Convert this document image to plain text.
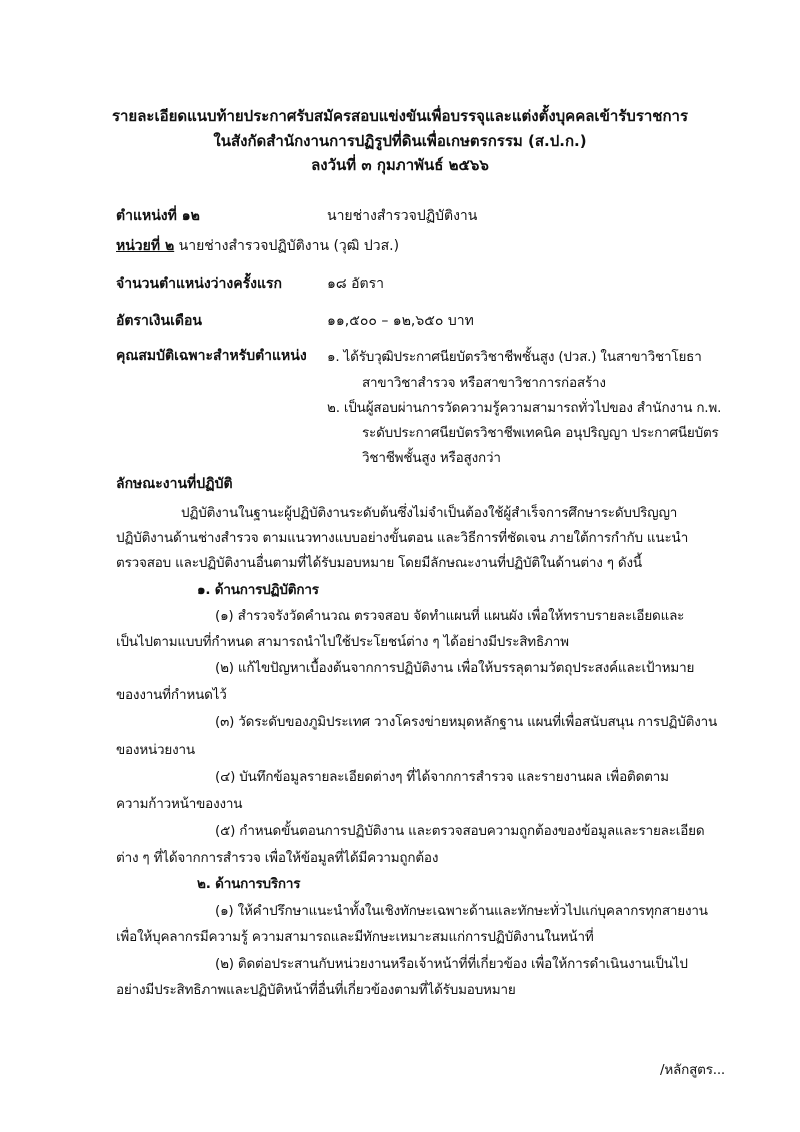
รายละเอียดแนบท้ายประกาศรับสมัครสอบแข่งขันเพื่อบรรจุและแต่งตั้งบุคคลเข้ารับราชการ
ในสังกัดสำนักงานการปฏิรูปที่ดินเพื่อเกษตรกรรม (ส.ป.ก.)
ลงวันที่ ๓ กุมภาพันธ์ ๒๕๖๖
ตำแหน่งที่ ๑๒	นายช่างสำรวจปฏิบัติงาน
หน่วยที่ ๒ นายช่างสำรวจปฏิบัติงาน (วุฒิ ปวส.)
จำนวนตำแหน่งว่างครั้งแรก	๑๘ อัตรา
อัตราเงินเดือน	๑๑,๕๐๐ – ๑๒,๖๕๐ บาท
คุณสมบัติเฉพาะสำหรับตำแหน่ง ๑. ได้รับวุฒิประกาศนียบัตรวิชาชีพชั้นสูง (ปวส.) ในสาขาวิชาโยธา
สาขาวิชาสำรวจ หรือสาขาวิชาการก่อสร้าง
๒. เป็นผู้สอบผ่านการวัดความรู้ความสามารถทั่วไปของ สำนักงาน ก.พ.
ระดับประกาศนียบัตรวิชาชีพเทคนิค อนุปริญญา ประกาศนียบัตร
วิชาชีพชั้นสูง หรือสูงกว่า
ลักษณะงานที่ปฏิบัติ
ปฏิบัติงานในฐานะผู้ปฏิบัติงานระดับต้นซึ่งไม่จำเป็นต้องใช้ผู้สำเร็จการศึกษาระดับปริญญา
ปฏิบัติงานด้านช่างสำรวจ ตามแนวทางแบบอย่างขั้นตอน และวิธีการที่ชัดเจน ภายใต้การกำกับ แนะนำ
ตรวจสอบ และปฏิบัติงานอื่นตามที่ได้รับมอบหมาย โดยมีลักษณะงานที่ปฏิบัติในด้านต่าง ๆ ดังนี้
๑. ด้านการปฏิบัติการ
(๑) สำรวจรังวัดคำนวณ ตรวจสอบ จัดทำแผนที่ แผนผัง เพื่อให้ทราบรายละเอียดและ
เป็นไปตามแบบที่กำหนด สามารถนำไปใช้ประโยชน์ต่าง ๆ ได้อย่างมีประสิทธิภาพ
(๒) แก้ไขปัญหาเบื้องต้นจากการปฏิบัติงาน เพื่อให้บรรลุตามวัตถุประสงค์และเป้าหมาย
ของงานที่กำหนดไว้
(๓) วัดระดับของภูมิประเทศ วางโครงข่ายหมุดหลักฐาน แผนที่เพื่อสนับสนุน การปฏิบัติงาน
ของหน่วยงาน
(๔) บันทึกข้อมูลรายละเอียดต่างๆ ที่ได้จากการสำรวจ และรายงานผล เพื่อติดตาม
ความก้าวหน้าของงาน
(๕) กำหนดขั้นตอนการปฏิบัติงาน และตรวจสอบความถูกต้องของข้อมูลและรายละเอียด
ต่าง ๆ ที่ได้จากการสำรวจ เพื่อให้ข้อมูลที่ได้มีความถูกต้อง
๒. ด้านการบริการ
(๑) ให้คำปรึกษาแนะนำทั้งในเชิงทักษะเฉพาะด้านและทักษะทั่วไปแก่บุคลากรทุกสายงาน
เพื่อให้บุคลากรมีความรู้ ความสามารถและมีทักษะเหมาะสมแก่การปฏิบัติงานในหน้าที่
(๒) ติดต่อประสานกับหน่วยงานหรือเจ้าหน้าที่ที่เกี่ยวข้อง เพื่อให้การดำเนินงานเป็นไป
อย่างมีประสิทธิภาพและปฏิบัติหน้าที่อื่นที่เกี่ยวข้องตามที่ได้รับมอบหมาย
/หลักสูตร...
